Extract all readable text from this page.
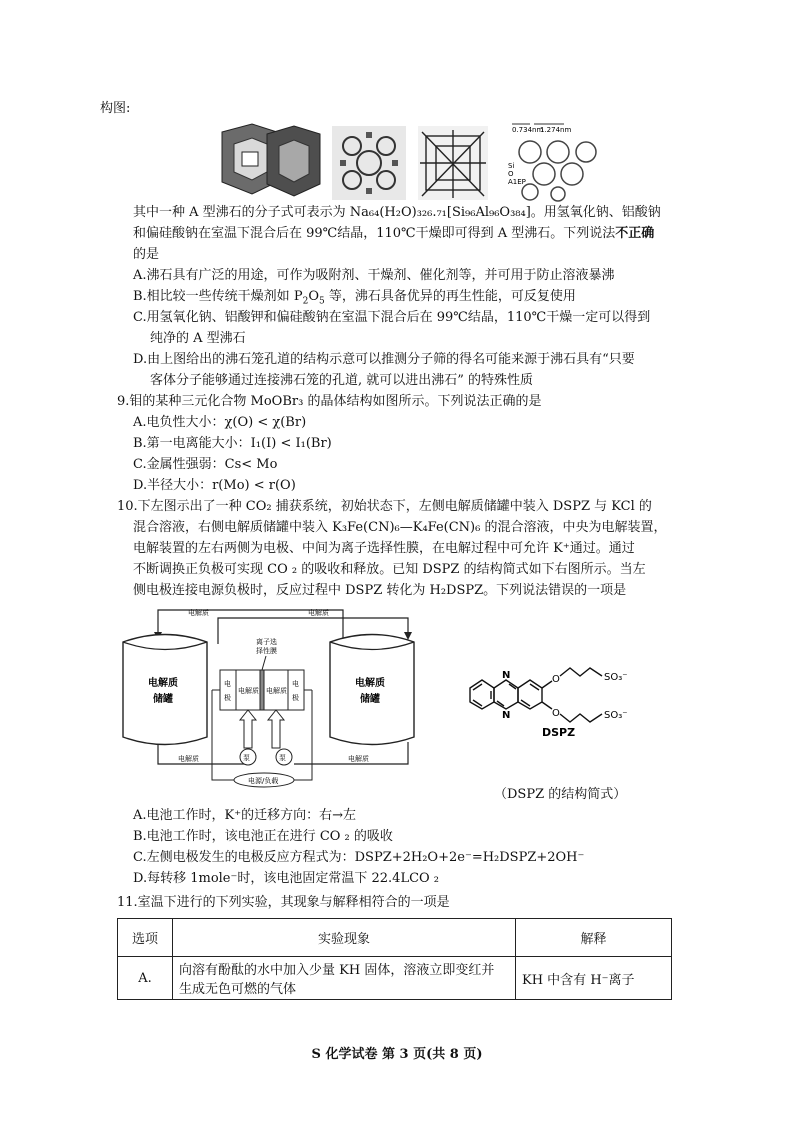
构图:
0.734nm
1.274nm
Si
O
A1EP
其中一种 A 型沸石的分子式可表示为 Na₆₄(H₂O)₃₂₆.₇₁[Si₉₆Al₉₆O₃₈₄]。用氢氧化钠、铝酸钠
和偏硅酸钠在室温下混合后在 99℃结晶，110℃干燥即可得到 A 型沸石。下列说法不正确
的是
A.沸石具有广泛的用途，可作为吸附剂、干燥剂、催化剂等，并可用于防止溶液暴沸
B.相比较一些传统干燥剂如 $P_2O_5$ 等，沸石具备优异的再生性能，可反复使用
C.用氢氧化钠、铝酸钾和偏硅酸钠在室温下混合后在 99℃结晶，110℃干燥一定可以得到
纯净的 A 型沸石
D.由上图给出的沸石笼孔道的结构示意可以推测分子筛的得名可能来源于沸石具有“只要
客体分子能够通过连接沸石笼的孔道, 就可以进出沸石” 的特殊性质
9.钼的某种三元化合物 MoOBr₃ 的晶体结构如图所示。下列说法正确的是
A.电负性大小：χ(O) < χ(Br)
B.第一电离能大小：I₁(I) < I₁(Br)
C.金属性强弱：Cs< Mo
D.半径大小：r(Mo) < r(O)
10.下左图示出了一种 CO₂ 捕获系统，初始状态下，左侧电解质储罐中装入 DSPZ 与 KCl 的
混合溶液，右侧电解质储罐中装入 K₃Fe(CN)₆—K₄Fe(CN)₆ 的混合溶液，中央为电解装置，
电解装置的左右两侧为电极、中间为离子选择性膜，在电解过程中可允许 K⁺通过。通过
不断调换正负极可实现 CO ₂ 的吸收和释放。已知 DSPZ 的结构简式如下右图所示。当左
侧电极连接电源负极时，反应过程中 DSPZ 转化为 H₂DSPZ。下列说法错误的一项是
电解质	电解质
电解质	电解质
电解质
储罐
电解质
储罐
电
极
电解质 电解质
电
极
离子选
择性膜
泵	泵
电源/负载
N
N
O
O
SO₃⁻
SO₃⁻
DSPZ
（DSPZ 的结构简式）
A.电池工作时，K⁺的迁移方向：右→左
B.电池工作时，该电池正在进行 CO ₂ 的吸收
C.左侧电极发生的电极反应方程式为：DSPZ+2H₂O+2e⁻=H₂DSPZ+2OH⁻
D.每转移 1mole⁻时，该电池固定常温下 22.4LCO ₂
11.室温下进行的下列实验，其现象与解释相符合的一项是
选项	实验现象	解释
A.	向溶有酚酞的水中加入少量 KH 固体，溶液立即变红并
生成无色可燃的气体	KH 中含有 H⁻离子
S 化学试卷 第 3 页(共 8 页)
